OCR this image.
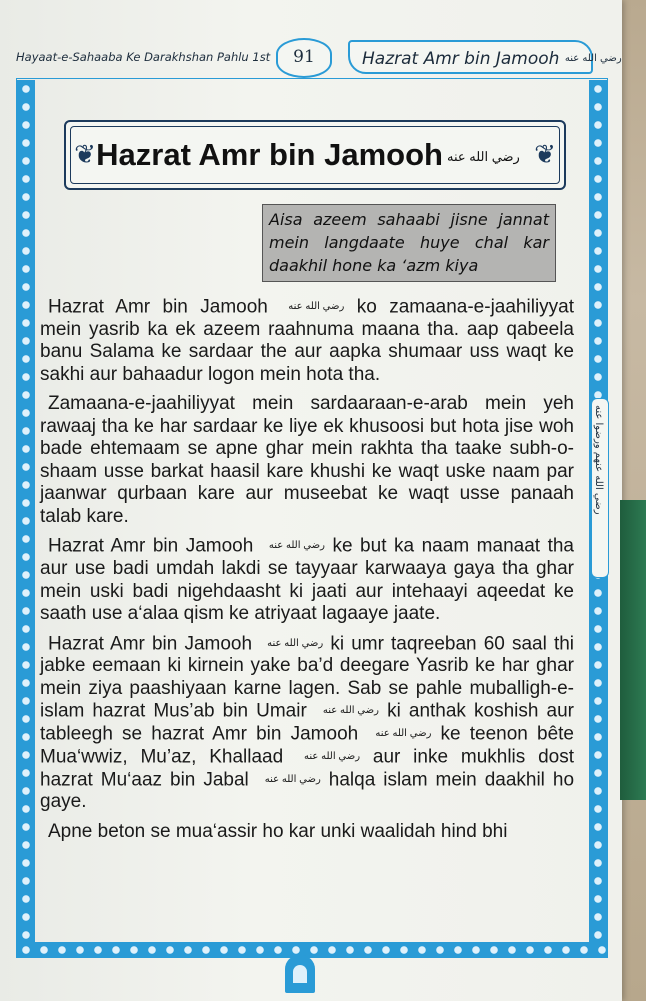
Hayaat-e-Sahaaba Ke Darakhshan Pahlu 1st	91	Hazrat Amr bin Jamooh رضي الله عنه
رضي الله عنهم ورضوا عنه
❦ Hazrat Amr bin Jamooh رضي الله عنه ❦
Aisa azeem sahaabi jisne jannat mein langdaate huye chal kar daakhil hone ka ‘azm kiya

Hazrat Amr bin Jamooh رضي الله عنه ko zamaana-e-jaahiliyyat mein yasrib ka ek azeem raahnuma maana tha. aap qabeela banu Salama ke sardaar the aur aapka shumaar uss waqt ke sakhi aur bahaadur logon mein hota tha.

Zamaana-e-jaahiliyyat mein sardaaraan-e-arab mein yeh rawaaj tha ke har sardaar ke liye ek khusoosi but hota jise woh bade ehtemaam se apne ghar mein rakhta tha taake subh-o-shaam usse barkat haasil kare khushi ke waqt uske naam par jaanwar qurbaan kare aur museebat ke waqt usse panaah talab kare.

Hazrat Amr bin Jamooh رضي الله عنه ke but ka naam manaat tha aur use badi umdah lakdi se tayyaar karwaaya gaya tha ghar mein uski badi nigehdaasht ki jaati aur intehaayi aqeedat ke saath use a‘alaa qism ke atriyaat lagaaye jaate.

Hazrat Amr bin Jamooh رضي الله عنه ki umr taqreeban 60 saal thi jabke eemaan ki kirnein yake ba’d deegare Yasrib ke har ghar mein ziya paashiyaan karne lagen. Sab se pahle muballigh-e-islam hazrat Mus’ab bin Umair رضي الله عنه ki anthak koshish aur tableegh se hazrat Amr bin Jamooh رضي الله عنه ke teenon bête Mua‘wwiz, Mu’az, Khallaad رضي الله عنه aur inke mukhlis dost hazrat Mu‘aaz bin Jabal رضي الله عنه halqa islam mein daakhil ho gaye.

Apne beton se mua‘assir ho kar unki waalidah hind bhi
